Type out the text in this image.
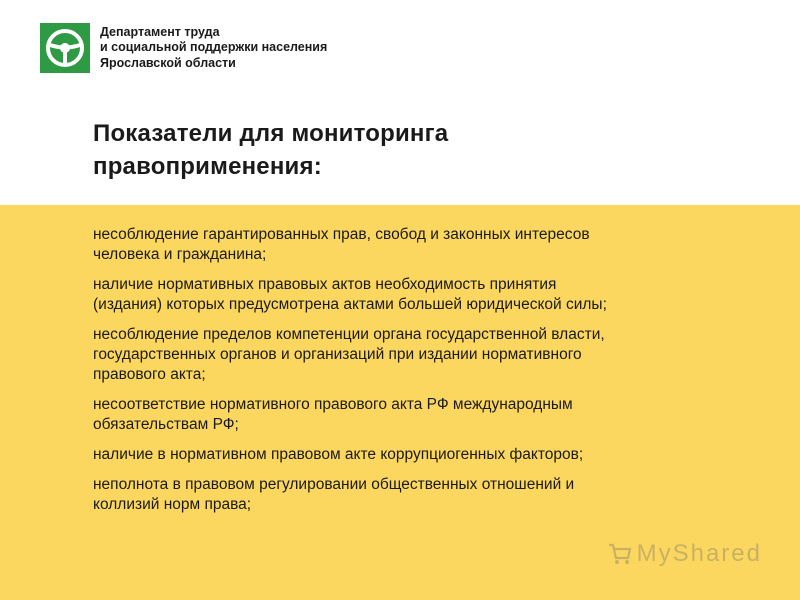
Департамент труда
и социальной поддержки населения
Ярославской области
Показатели для мониторинга
правоприменения:
несоблюдение гарантированных прав, свобод и законных интересов
человека и гражданина;
наличие нормативных правовых актов необходимость принятия
(издания) которых предусмотрена актами большей юридической силы;
несоблюдение пределов компетенции органа государственной власти,
государственных органов и организаций при издании нормативного
правового акта;
несоответствие нормативного правового акта РФ международным
обязательствам РФ;
наличие в нормативном правовом акте коррупциогенных факторов;
неполнота в правовом регулировании общественных отношений и
коллизий норм права;
MyShared
